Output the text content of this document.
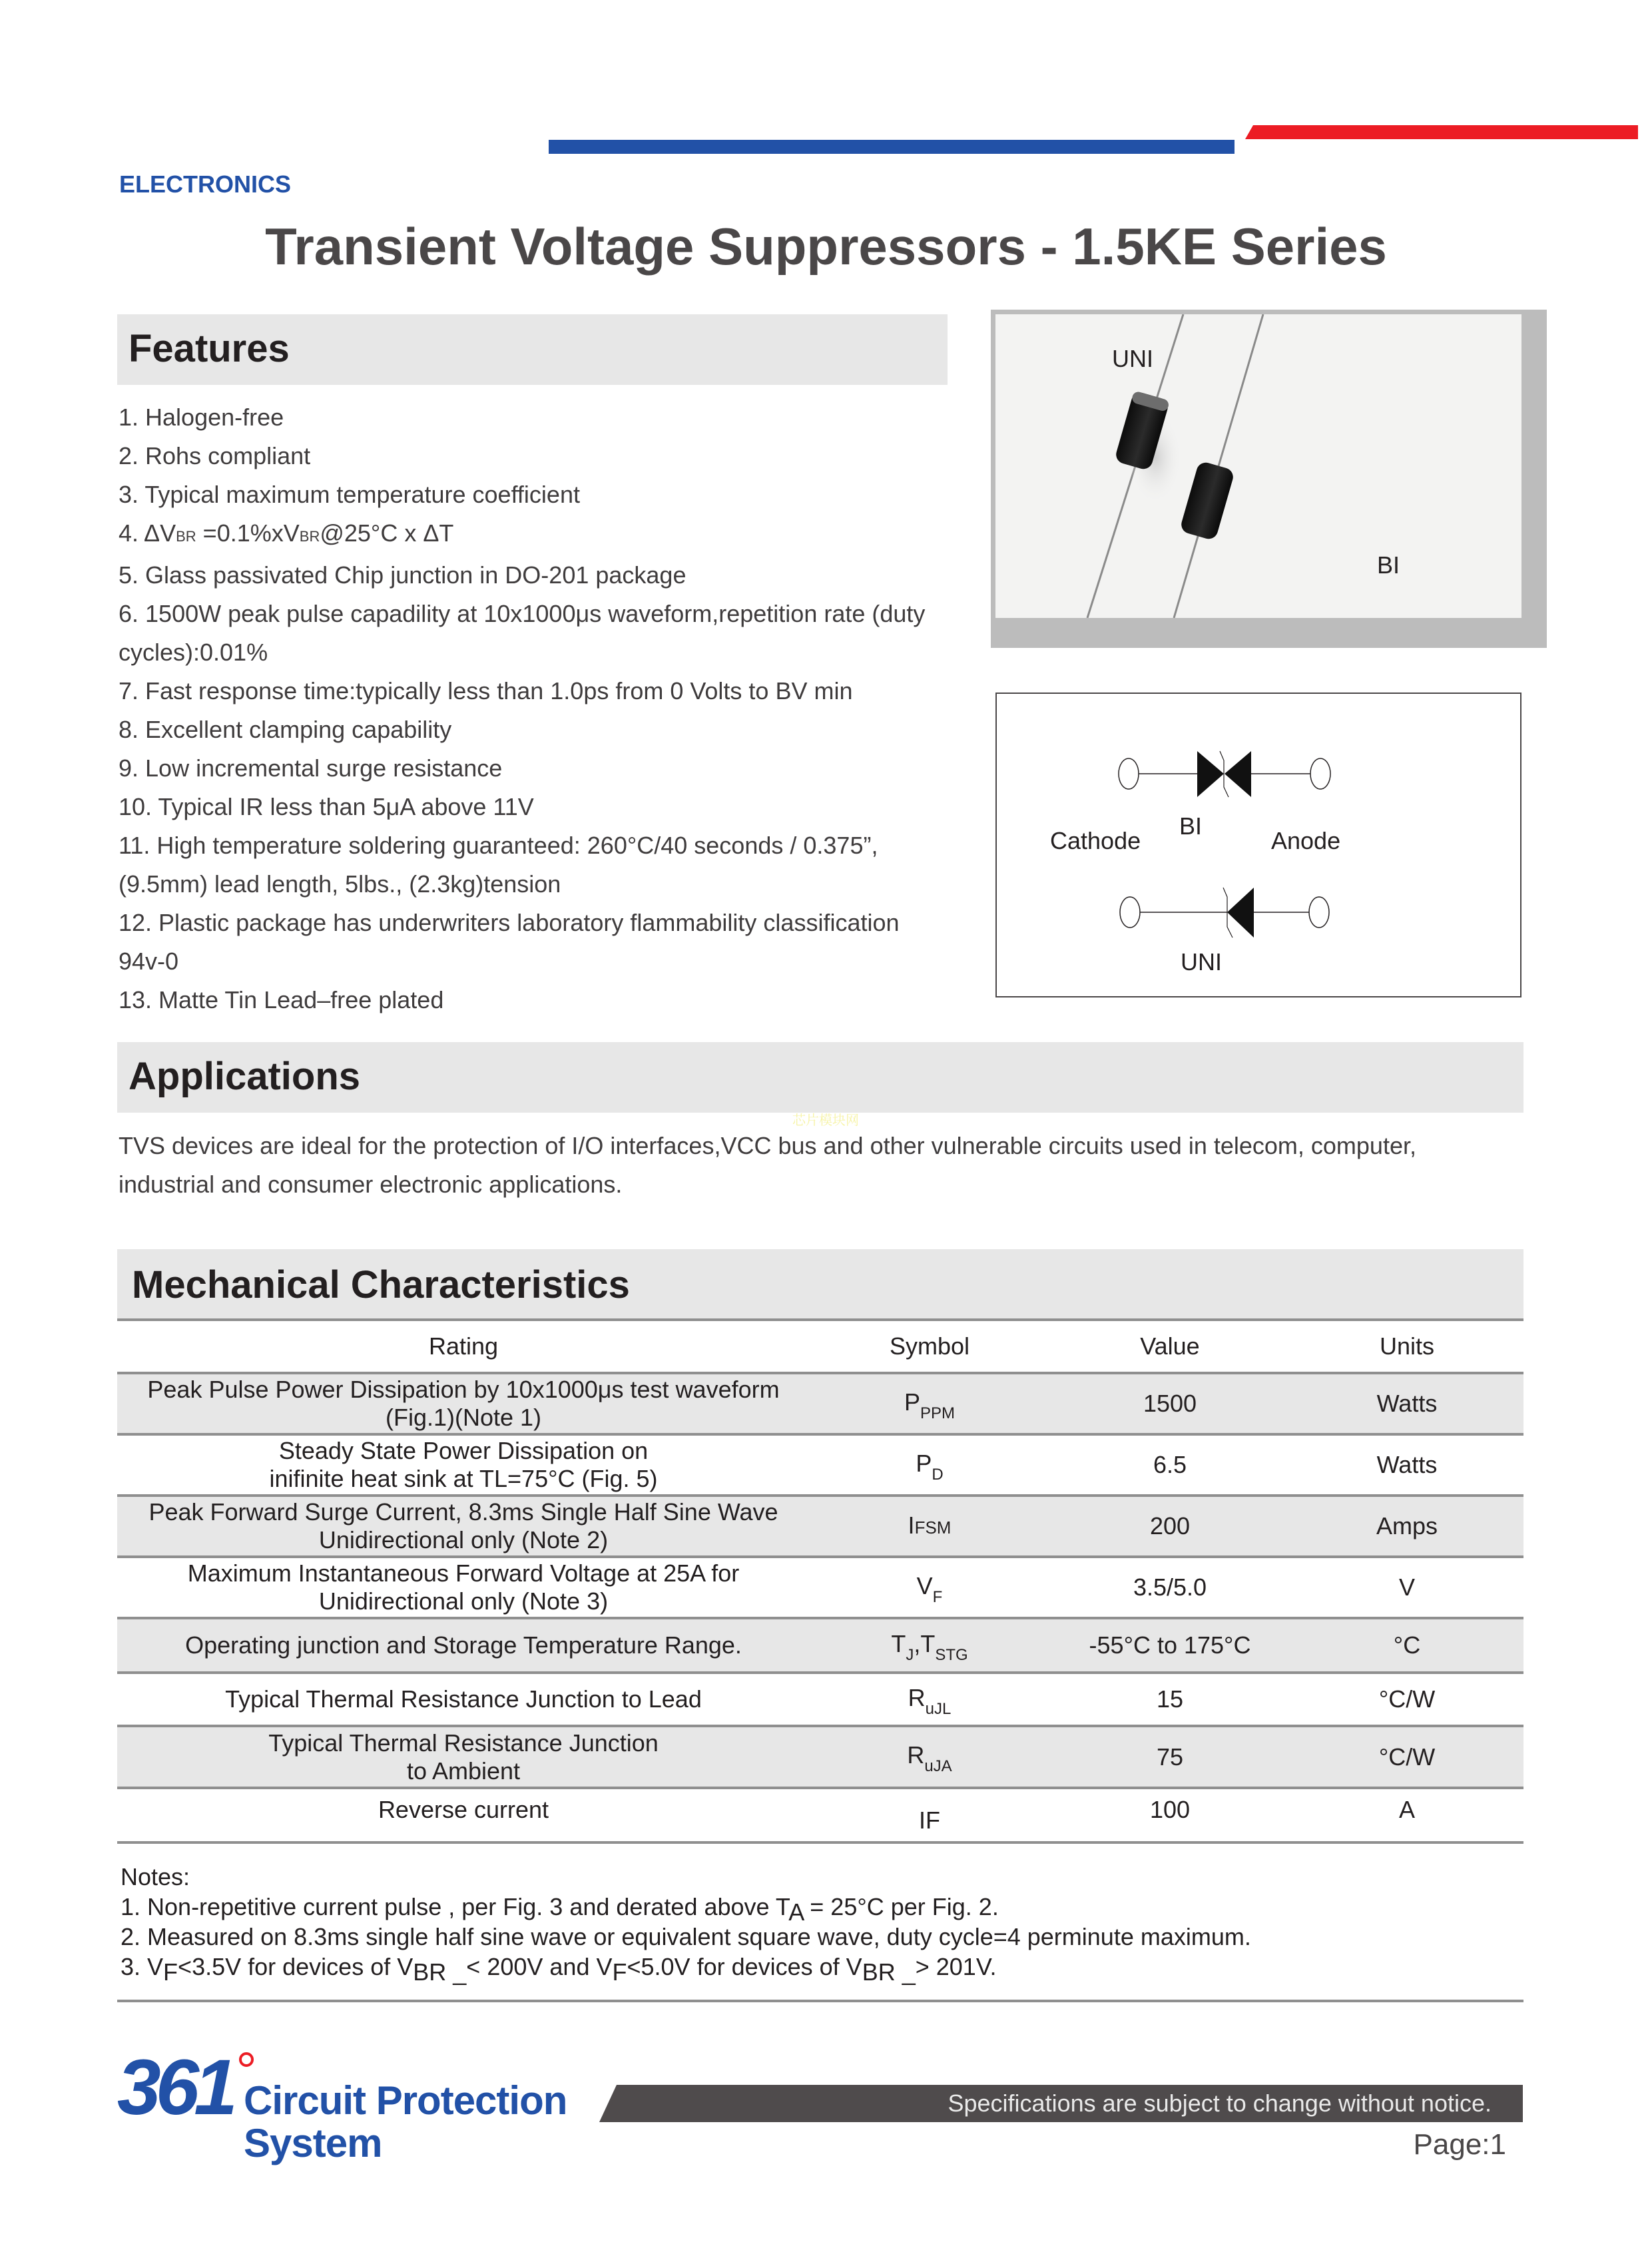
ELECTRONICS
Transient Voltage Suppressors - 1.5KE Series
Features
1. Halogen-free
2. Rohs compliant
3. Typical maximum temperature coefficient
4. ΔVBR =0.1%xVBR@25°C x ΔT
5. Glass passivated Chip junction in DO-201 package
6. 1500W peak pulse capadility at 10x1000μs waveform,repetition rate (duty
cycles):0.01%
7. Fast response time:typically less than 1.0ps from 0 Volts to BV min
8. Excellent clamping capability
9. Low incremental surge resistance
10. Typical IR less than 5μA above 11V
11. High temperature soldering guaranteed: 260°C/40 seconds / 0.375”,
(9.5mm) lead length, 5lbs., (2.3kg)tension
12. Plastic package has underwriters laboratory flammability classification
94v-0
13. Matte Tin Lead–free plated
UNI
BI
Cathode	Anode
BI
UNI
Applications
芯片模块网
TVS devices are ideal for the protection of I/O interfaces,VCC bus and other vulnerable circuits used in telecom, computer,
industrial and consumer electronic applications.
Mechanical Characteristics
Rating	Symbol	Value	Units

Peak Pulse Power Dissipation by 10x1000μs test waveform
(Fig.1)(Note 1)	$P_{PPM}$	1500	Watts

Steady State Power Dissipation on
inifinite heat sink at TL=75°C (Fig. 5)	$P_D$	6.5	Watts

Peak Forward Surge Current, 8.3ms Single Half Sine Wave
Unidirectional only (Note 2)	IFSM	200	Amps

Maximum Instantaneous Forward Voltage at 25A for
Unidirectional only (Note 3)	$V_F$	3.5/5.0	V

Operating junction and Storage Temperature Range.	$T_J,T_{STG}$	-55°C to 175°C	°C

Typical Thermal Resistance Junction to Lead	$R_{uJL}$	15	°C/W

Typical Thermal Resistance Junction
to Ambient	$R_{uJA}$	75	°C/W

Reverse current	IF	100	A
Notes:
1. Non-repetitive current pulse , per Fig. 3 and derated above TA = 25°C per Fig. 2.
2. Measured on 8.3ms single half sine wave or equivalent square wave, duty cycle=4 perminute maximum.
3. VF<3.5V for devices of VBR _< 200V and VF<5.0V for devices of VBR _> 201V.
361 Circuit Protection
System
Specifications are subject to change without notice.
Page:1
